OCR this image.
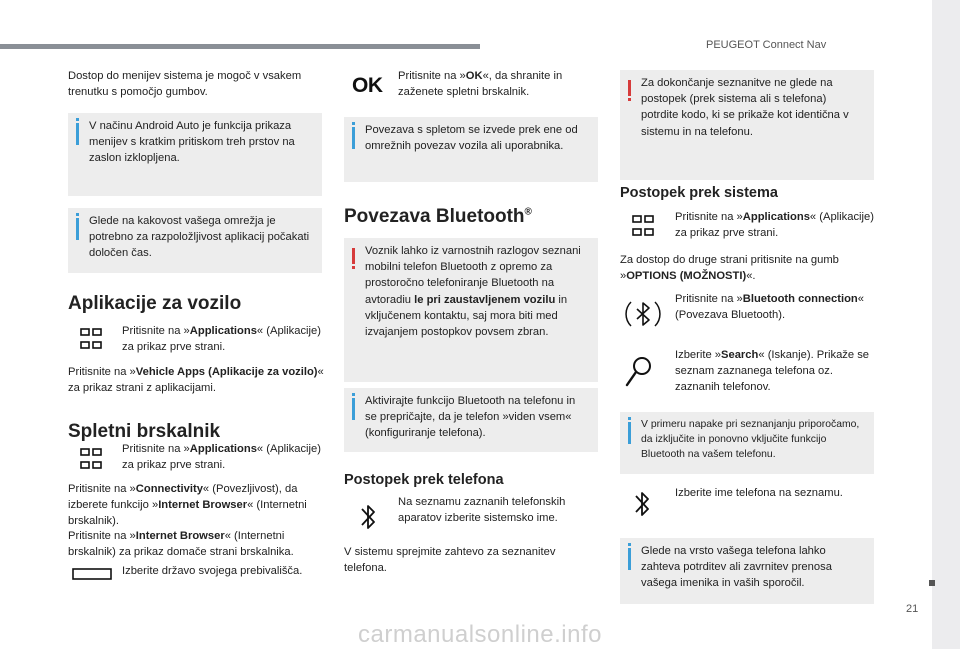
PEUGEOT Connect Nav
21
carmanualsonline.info

Dostop do menijev sistema je mogoč v vsakem trenutku s pomočjo gumbov.

V načinu Android Auto je funkcija prikaza menijev s kratkim pritiskom treh prstov na zaslon izklopljena.

Glede na kakovost vašega omrežja je potrebno za razpoložljivost aplikacij počakati določen čas.

Aplikacije za vozilo

Pritisnite na »Applications« (Aplikacije) za prikaz prve strani.

Pritisnite na »Vehicle Apps (Aplikacije za vozilo)« za prikaz strani z aplikacijami.

Spletni brskalnik

Pritisnite na »Applications« (Aplikacije) za prikaz prve strani.

Pritisnite na »Connectivity« (Povezljivost), da izberete funkcijo »Internet Browser« (Internetni brskalnik).

Pritisnite na »Internet Browser« (Internetni brskalnik) za prikaz domače strani brskalnika.

Izberite državo svojega prebivališča.

OK Pritisnite na »OK«, da shranite in zaženete spletni brskalnik.

Povezava s spletom se izvede prek ene od omrežnih povezav vozila ali uporabnika.

Povezava Bluetooth®

Voznik lahko iz varnostnih razlogov seznani mobilni telefon Bluetooth z opremo za prostoročno telefoniranje Bluetooth na avtoradiu le pri zaustavljenem vozilu in vključenem kontaktu, saj mora biti med izvajanjem postopkov povsem zbran.

Aktivirajte funkcijo Bluetooth na telefonu in se prepričajte, da je telefon »viden vsem« (konfiguriranje telefona).

Postopek prek telefona

Na seznamu zaznanih telefonskih aparatov izberite sistemsko ime.

V sistemu sprejmite zahtevo za seznanitev telefona.

Za dokončanje seznanitve ne glede na postopek (prek sistema ali s telefona) potrdite kodo, ki se prikaže kot identična v sistemu in na telefonu.

Postopek prek sistema

Pritisnite na »Applications« (Aplikacije) za prikaz prve strani.

Za dostop do druge strani pritisnite na gumb »OPTIONS (MOŽNOSTI)«.

Pritisnite na »Bluetooth connection« (Povezava Bluetooth).

Izberite »Search« (Iskanje). Prikaže se seznam zaznanega telefona oz. zaznanih telefonov.

V primeru napake pri seznanjanju priporočamo, da izključite in ponovno vključite funkcijo Bluetooth na vašem telefonu.

Izberite ime telefona na seznamu.

Glede na vrsto vašega telefona lahko zahteva potrditev ali zavrnitev prenosa vašega imenika in vaših sporočil.
